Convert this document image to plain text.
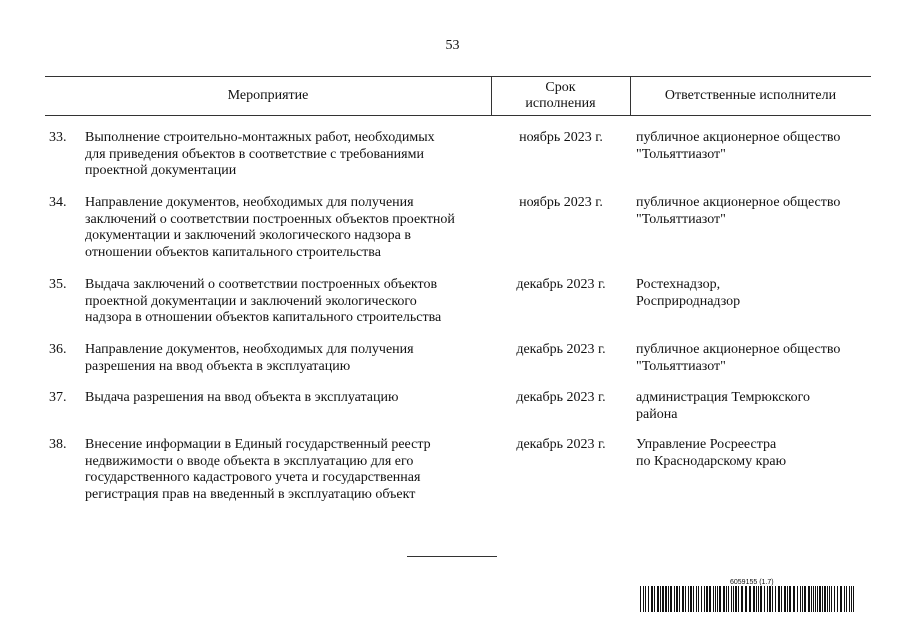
53
Мероприятие
Срок
исполнения
Ответственные исполнители
33.	Выполнение строительно-монтажных работ, необходимых
для приведения объектов в соответствие с требованиями
проектной документации
ноябрь 2023 г.	публичное акционерное общество
"Тольяттиазот"
34.	Направление документов, необходимых для получения
заключений о соответствии построенных объектов проектной
документации и заключений экологического надзора в
отношении объектов капитального строительства
ноябрь 2023 г.	публичное акционерное общество
"Тольяттиазот"
35.	Выдача заключений о соответствии построенных объектов
проектной документации и заключений экологического
надзора в отношении объектов капитального строительства
декабрь 2023 г.	Ростехнадзор,
Росприроднадзор
36.	Направление документов, необходимых для получения
разрешения на ввод объекта в эксплуатацию
декабрь 2023 г.	публичное акционерное общество
"Тольяттиазот"
37.	Выдача разрешения на ввод объекта в эксплуатацию	декабрь 2023 г.	администрация Темрюкского
района
38.	Внесение информации в Единый государственный реестр
недвижимости о вводе объекта в эксплуатацию для его
государственного кадастрового учета и государственная
регистрация прав на введенный в эксплуатацию объект
декабрь 2023 г.	Управление Росреестра
по Краснодарскому краю
6059155 (1.7)
